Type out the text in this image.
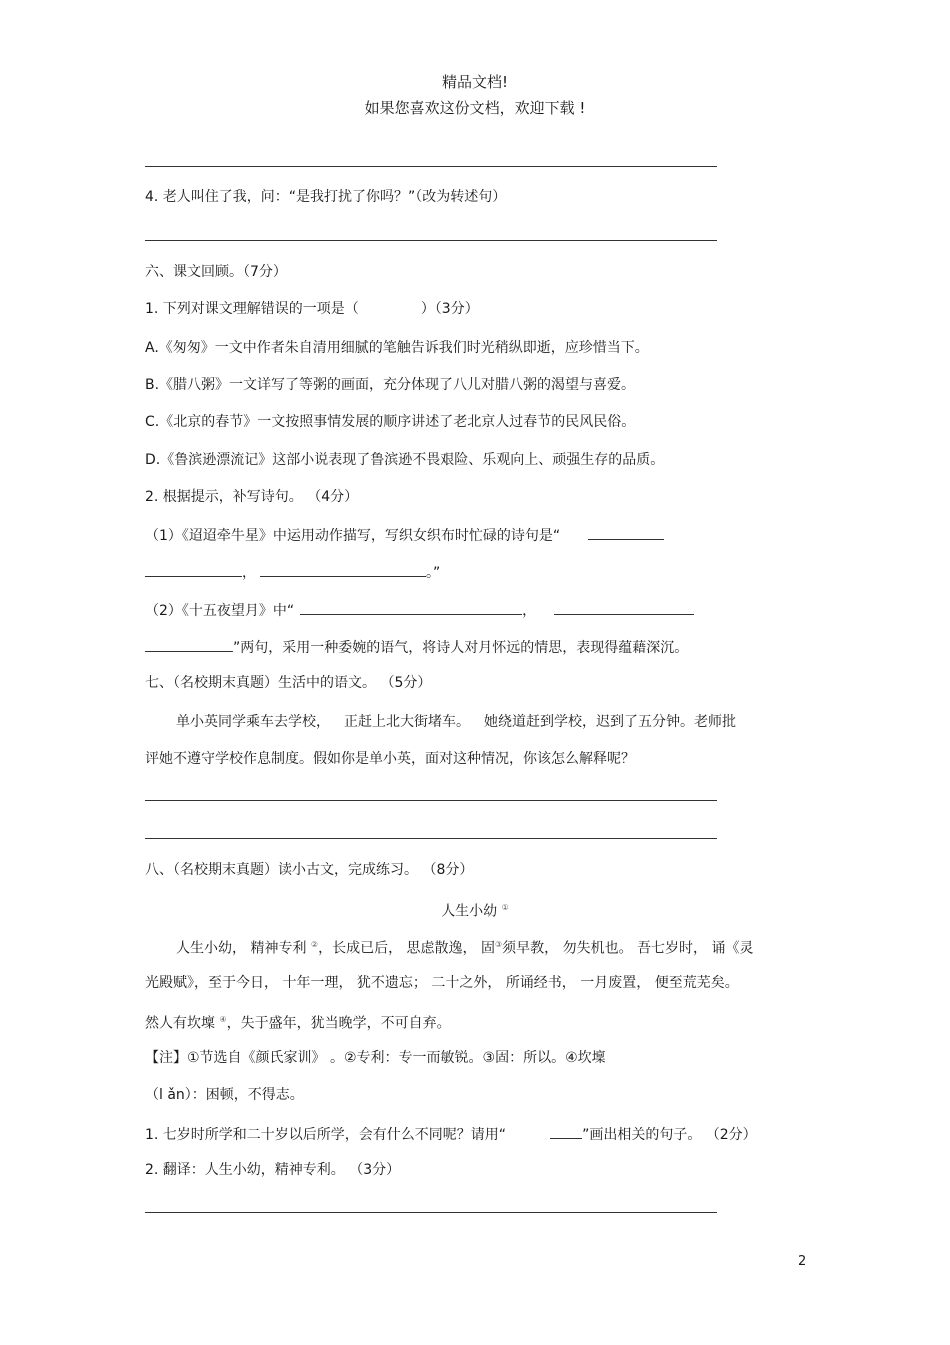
精品文档!
如果您喜欢这份文档，欢迎下载 !
4. 老人叫住了我，问：“是我打扰了你吗？”（改为转述句）
六、课文回顾。（7分）
1. 下列对课文理解错误的一项是（	）（3分）
A.《匆匆》一文中作者朱自清用细腻的笔触告诉我们时光稍纵即逝，应珍惜当下。
B.《腊八粥》一文详写了等粥的画面，充分体现了八儿对腊八粥的渴望与喜爱。
C.《北京的春节》一文按照事情发展的顺序讲述了老北京人过春节的民风民俗。
D.《鲁滨逊漂流记》这部小说表现了鲁滨逊不畏艰险、乐观向上、顽强生存的品质。
2. 根据提示，补写诗句。 （4分）
（1）《迢迢牵牛星》中运用动作描写，写织女织布时忙碌的诗句是“
，	。”
（2）《十五夜望月》中“	，
”两句，采用一种委婉的语气，将诗人对月怀远的情思，表现得蕴藉深沉。
七、（名校期末真题）生活中的语文。 （5分）
单小英同学乘车去学校， 正赶上北大街堵车。 她绕道赶到学校，迟到了五分钟。老师批
评她不遵守学校作息制度。假如你是单小英，面对这种情况，你该怎么解释呢？
八、（名校期末真题）读小古文，完成练习。 （8分）
人生小幼 ①
人生小幼， 精神专利 ②，长成已后， 思虑散逸， 固③须早教， 勿失机也。 吾七岁时， 诵《灵
光殿赋》，至于今日， 十年一理， 犹不遗忘； 二十之外， 所诵经书， 一月废置， 便至荒芜矣。
然人有坎壈 ④，失于盛年，犹当晚学，不可自弃。
【注】①节选自《颜氏家训》 。②专利：专一而敏锐。③固：所以。④坎壈
（l ǎn）：困顿，不得志。
1. 七岁时所学和二十岁以后所学，会有什么不同呢？请用“	”画出相关的句子。 （2分）
2. 翻译：人生小幼，精神专利。 （3分）
2
